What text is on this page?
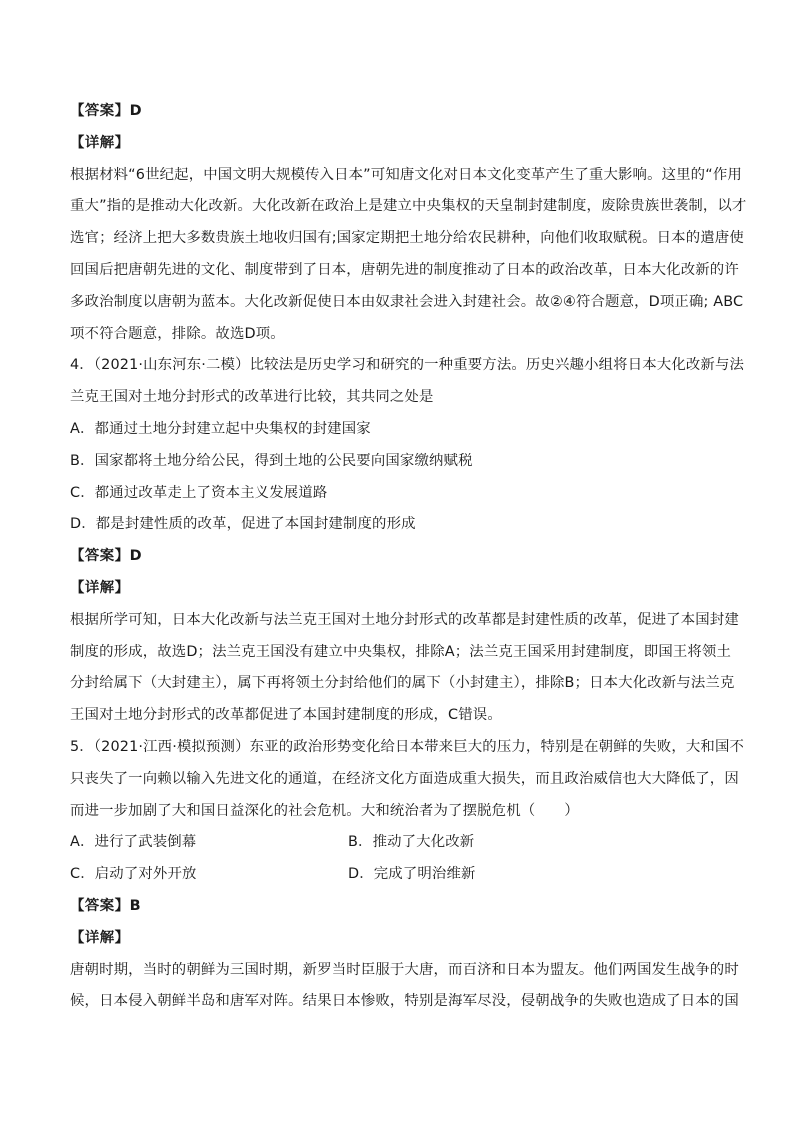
【答案】D
【详解】
根据材料“6世纪起，中国文明大规模传入日本”可知唐文化对日本文化变革产生了重大影响。这里的“作用
重大”指的是推动大化改新。大化改新在政治上是建立中央集权的天皇制封建制度，废除贵族世袭制，以才
选官；经济上把大多数贵族土地收归国有;国家定期把土地分给农民耕种，向他们收取赋税。日本的遣唐使
回国后把唐朝先进的文化、制度带到了日本，唐朝先进的制度推动了日本的政治改革，日本大化改新的许
多政治制度以唐朝为蓝本。大化改新促使日本由奴隶社会进入封建社会。故②④符合题意，D项正确; ABC
项不符合题意，排除。故选D项。
4．（2021·山东河东·二模）比较法是历史学习和研究的一种重要方法。历史兴趣小组将日本大化改新与法
兰克王国对土地分封形式的改革进行比较，其共同之处是
A．都通过土地分封建立起中央集权的封建国家
B．国家都将土地分给公民，得到土地的公民要向国家缴纳赋税
C．都通过改革走上了资本主义发展道路
D．都是封建性质的改革，促进了本国封建制度的形成
【答案】D
【详解】
根据所学可知，日本大化改新与法兰克王国对土地分封形式的改革都是封建性质的改革，促进了本国封建
制度的形成，故选D；法兰克王国没有建立中央集权，排除A；法兰克王国采用封建制度，即国王将领土
分封给属下（大封建主），属下再将领土分封给他们的属下（小封建主），排除B；日本大化改新与法兰克
王国对土地分封形式的改革都促进了本国封建制度的形成，C错误。
5．（2021·江西·模拟预测）东亚的政治形势变化给日本带来巨大的压力，特别是在朝鲜的失败，大和国不
只丧失了一向赖以输入先进文化的通道，在经济文化方面造成重大损失，而且政治威信也大大降低了，因
而进一步加剧了大和国日益深化的社会危机。大和统治者为了摆脱危机（　　）
A．进行了武装倒幕	B．推动了大化改新
C．启动了对外开放	D．完成了明治维新
【答案】B
【详解】
唐朝时期，当时的朝鲜为三国时期，新罗当时臣服于大唐，而百济和日本为盟友。他们两国发生战争的时
候，日本侵入朝鲜半岛和唐军对阵。结果日本惨败，特别是海军尽没，侵朝战争的失败也造成了日本的国
